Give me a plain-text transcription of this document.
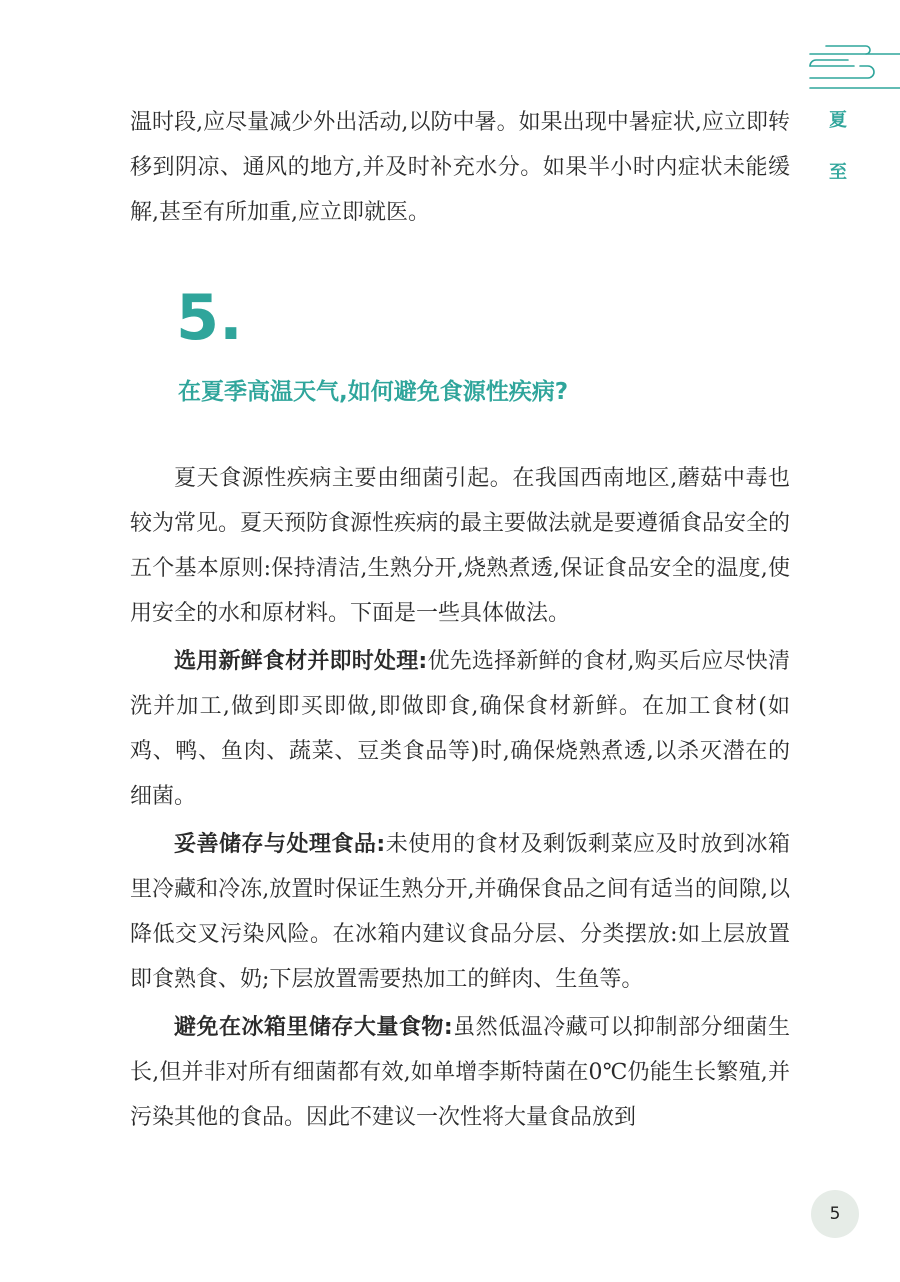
夏
至

温时段,应尽量减少外出活动,以防中暑。如果出现中暑症状,应立即转移到阴凉、通风的地方,并及时补充水分。如果半小时内症状未能缓解,甚至有所加重,应立即就医。

5.
在夏季高温天气,如何避免食源性疾病?

夏天食源性疾病主要由细菌引起。在我国西南地区,蘑菇中毒也较为常见。夏天预防食源性疾病的最主要做法就是要遵循食品安全的五个基本原则:保持清洁,生熟分开,烧熟煮透,保证食品安全的温度,使用安全的水和原材料。下面是一些具体做法。

选用新鲜食材并即时处理:优先选择新鲜的食材,购买后应尽快清洗并加工,做到即买即做,即做即食,确保食材新鲜。在加工食材(如鸡、鸭、鱼肉、蔬菜、豆类食品等)时,确保烧熟煮透,以杀灭潜在的细菌。

妥善储存与处理食品:未使用的食材及剩饭剩菜应及时放到冰箱里冷藏和冷冻,放置时保证生熟分开,并确保食品之间有适当的间隙,以降低交叉污染风险。在冰箱内建议食品分层、分类摆放:如上层放置即食熟食、奶;下层放置需要热加工的鲜肉、生鱼等。

避免在冰箱里储存大量食物:虽然低温冷藏可以抑制部分细菌生长,但并非对所有细菌都有效,如单增李斯特菌在0℃仍能生长繁殖,并污染其他的食品。因此不建议一次性将大量食品放到

5
